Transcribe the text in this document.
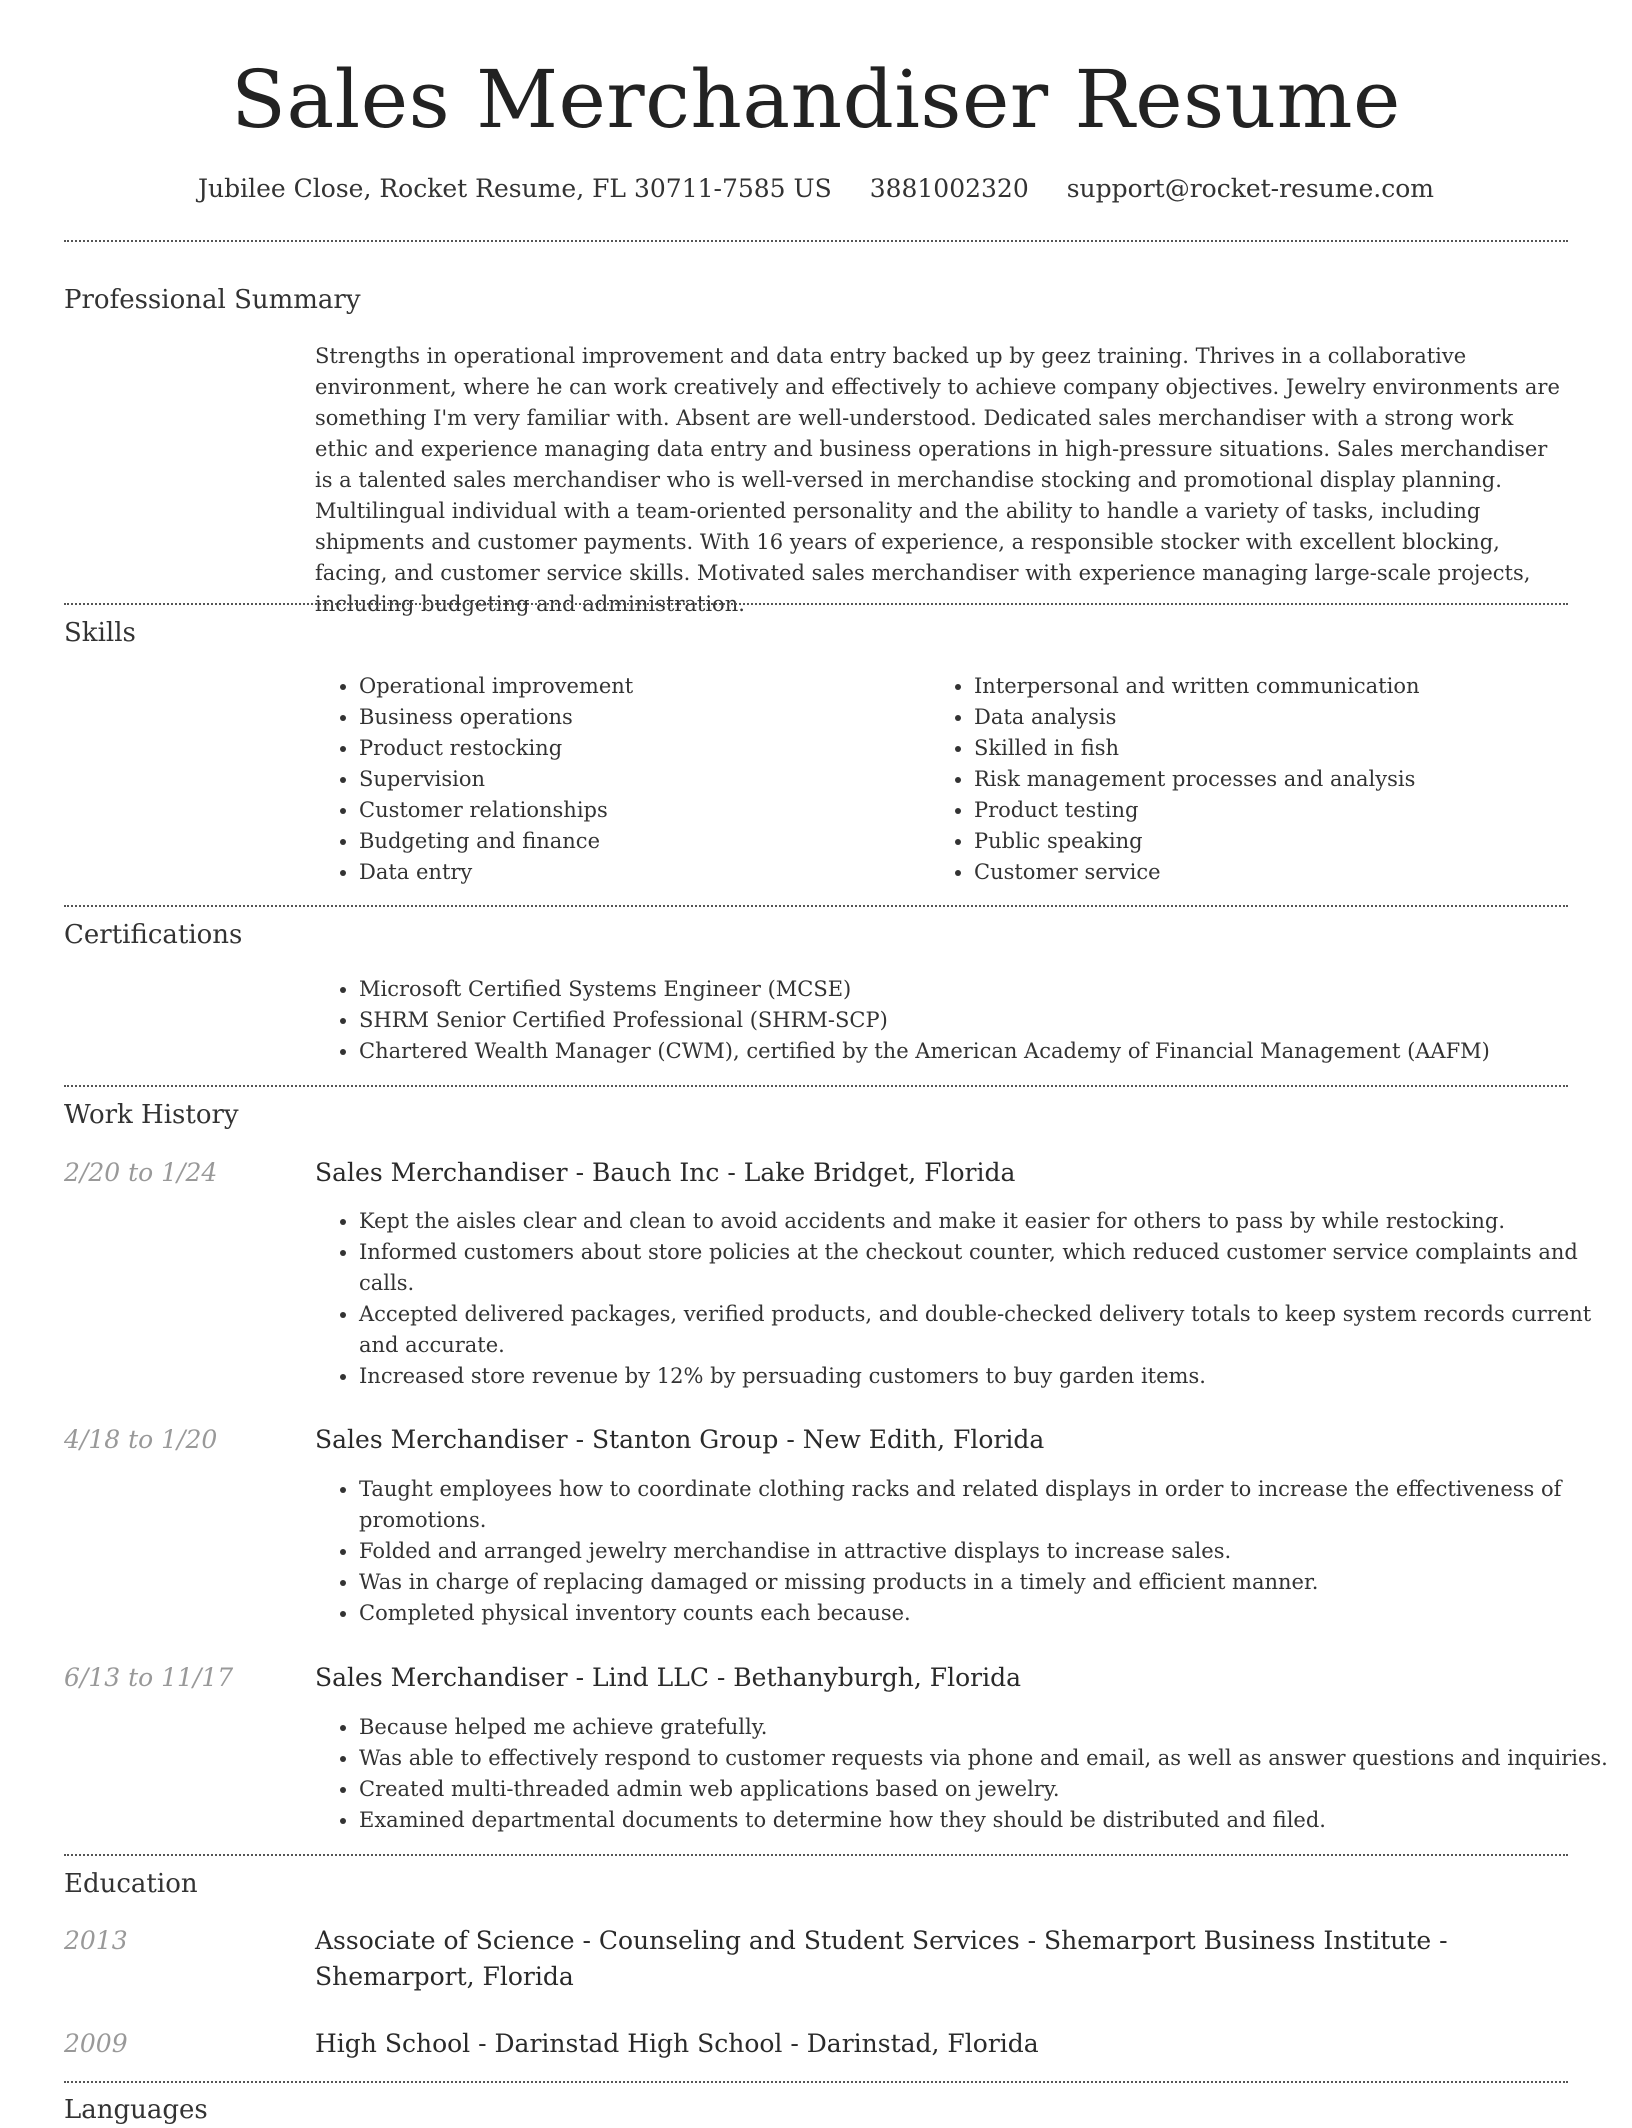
Sales Merchandiser Resume
Jubilee Close, Rocket Resume, FL 30711-7585 US 3881002320 support@rocket-resume.com
Professional Summary

Strengths in operational improvement and data entry backed up by geez training. Thrives in a collaborative environment, where he can work creatively and effectively to achieve company objectives. Jewelry environments are something I'm very familiar with. Absent are well-understood. Dedicated sales merchandiser with a strong work ethic and experience managing data entry and business operations in high-pressure situations. Sales merchandiser is a talented sales merchandiser who is well-versed in merchandise stocking and promotional display planning. Multilingual individual with a team-oriented personality and the ability to handle a variety of tasks, including shipments and customer payments. With 16 years of experience, a responsible stocker with excellent blocking, facing, and customer service skills. Motivated sales merchandiser with experience managing large-scale projects, including budgeting and administration.

Skills
• Operational improvement
• Business operations
• Product restocking
• Supervision
• Customer relationships
• Budgeting and finance
• Data entry
• Interpersonal and written communication
• Data analysis
• Skilled in fish
• Risk management processes and analysis
• Product testing
• Public speaking
• Customer service
Certifications
• Microsoft Certified Systems Engineer (MCSE)
• SHRM Senior Certified Professional (SHRM-SCP)
• Chartered Wealth Manager (CWM), certified by the American Academy of Financial Management (AAFM)
Work History
2/20 to 1/24	Sales Merchandiser - Bauch Inc - Lake Bridget, Florida
• Kept the aisles clear and clean to avoid accidents and make it easier for others to pass by while restocking.
• Informed customers about store policies at the checkout counter, which reduced customer service complaints and calls.
• Accepted delivered packages, verified products, and double-checked delivery totals to keep system records current and accurate.
• Increased store revenue by 12% by persuading customers to buy garden items.
4/18 to 1/20	Sales Merchandiser - Stanton Group - New Edith, Florida
• Taught employees how to coordinate clothing racks and related displays in order to increase the effectiveness of promotions.
• Folded and arranged jewelry merchandise in attractive displays to increase sales.
• Was in charge of replacing damaged or missing products in a timely and efficient manner.
• Completed physical inventory counts each because.
6/13 to 11/17	Sales Merchandiser - Lind LLC - Bethanyburgh, Florida
• Because helped me achieve gratefully.
• Was able to effectively respond to customer requests via phone and email, as well as answer questions and inquiries.
• Created multi-threaded admin web applications based on jewelry.
• Examined departmental documents to determine how they should be distributed and filed.
Education
2013	Associate of Science - Counseling and Student Services - Shemarport Business Institute - Shemarport, Florida
2009	High School - Darinstad High School - Darinstad, Florida
Languages
